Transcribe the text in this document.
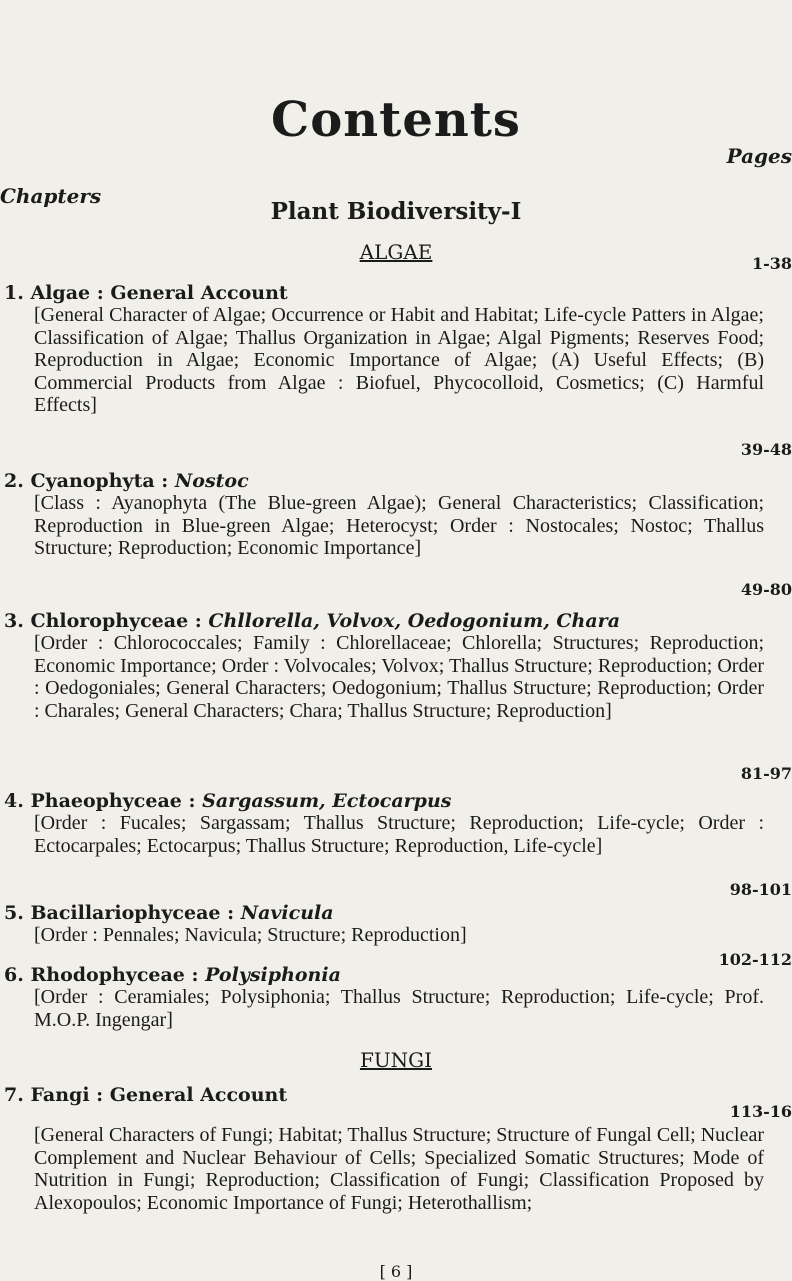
Contents
Pages
Chapters
Plant Biodiversity-I
ALGAE	1-38

1. Algae : General Account

[General Character of Algae; Occurrence or Habit and Habitat; Life-cycle Patters in Algae; Classification of Algae; Thallus Organization in Algae; Algal Pigments; Reserves Food; Reproduction in Algae; Economic Importance of Algae; (A) Useful Effects; (B) Commercial Products from Algae : Biofuel, Phycocolloid, Cosmetics; (C) Harmful Effects]

39-48

2. Cyanophyta : Nostoc

[Class : Ayanophyta (The Blue-green Algae); General Characteristics; Classification; Reproduction in Blue-green Algae; Heterocyst; Order : Nostocales; Nostoc; Thallus Structure; Reproduction; Economic Importance]

49-80

3. Chlorophyceae : Chllorella, Volvox, Oedogonium, Chara

[Order : Chlorococcales; Family : Chlorellaceae; Chlorella; Structures; Reproduction; Economic Importance; Order : Volvocales; Volvox; Thallus Structure; Reproduction; Order : Oedogoniales; General Characters; Oedogonium; Thallus Structure; Reproduction; Order : Charales; General Characters; Chara; Thallus Structure; Reproduction]

81-97

4. Phaeophyceae : Sargassum, Ectocarpus

[Order : Fucales; Sargassam; Thallus Structure; Reproduction; Life-cycle; Order : Ectocarpales; Ectocarpus; Thallus Structure; Reproduction, Life-cycle]

98-101

5. Bacillariophyceae : Navicula

[Order : Pennales; Navicula; Structure; Reproduction]

102-112

6. Rhodophyceae : Polysiphonia

[Order : Ceramiales; Polysiphonia; Thallus Structure; Reproduction; Life-cycle; Prof. M.O.P. Ingengar]

FUNGI
113-16

7. Fangi : General Account

[General Characters of Fungi; Habitat; Thallus Structure; Structure of Fungal Cell; Nuclear Complement and Nuclear Behaviour of Cells; Specialized Somatic Structures; Mode of Nutrition in Fungi; Reproduction; Classification of Fungi; Classification Proposed by Alexopoulos; Economic Importance of Fungi; Heterothallism;

[ 6 ]
